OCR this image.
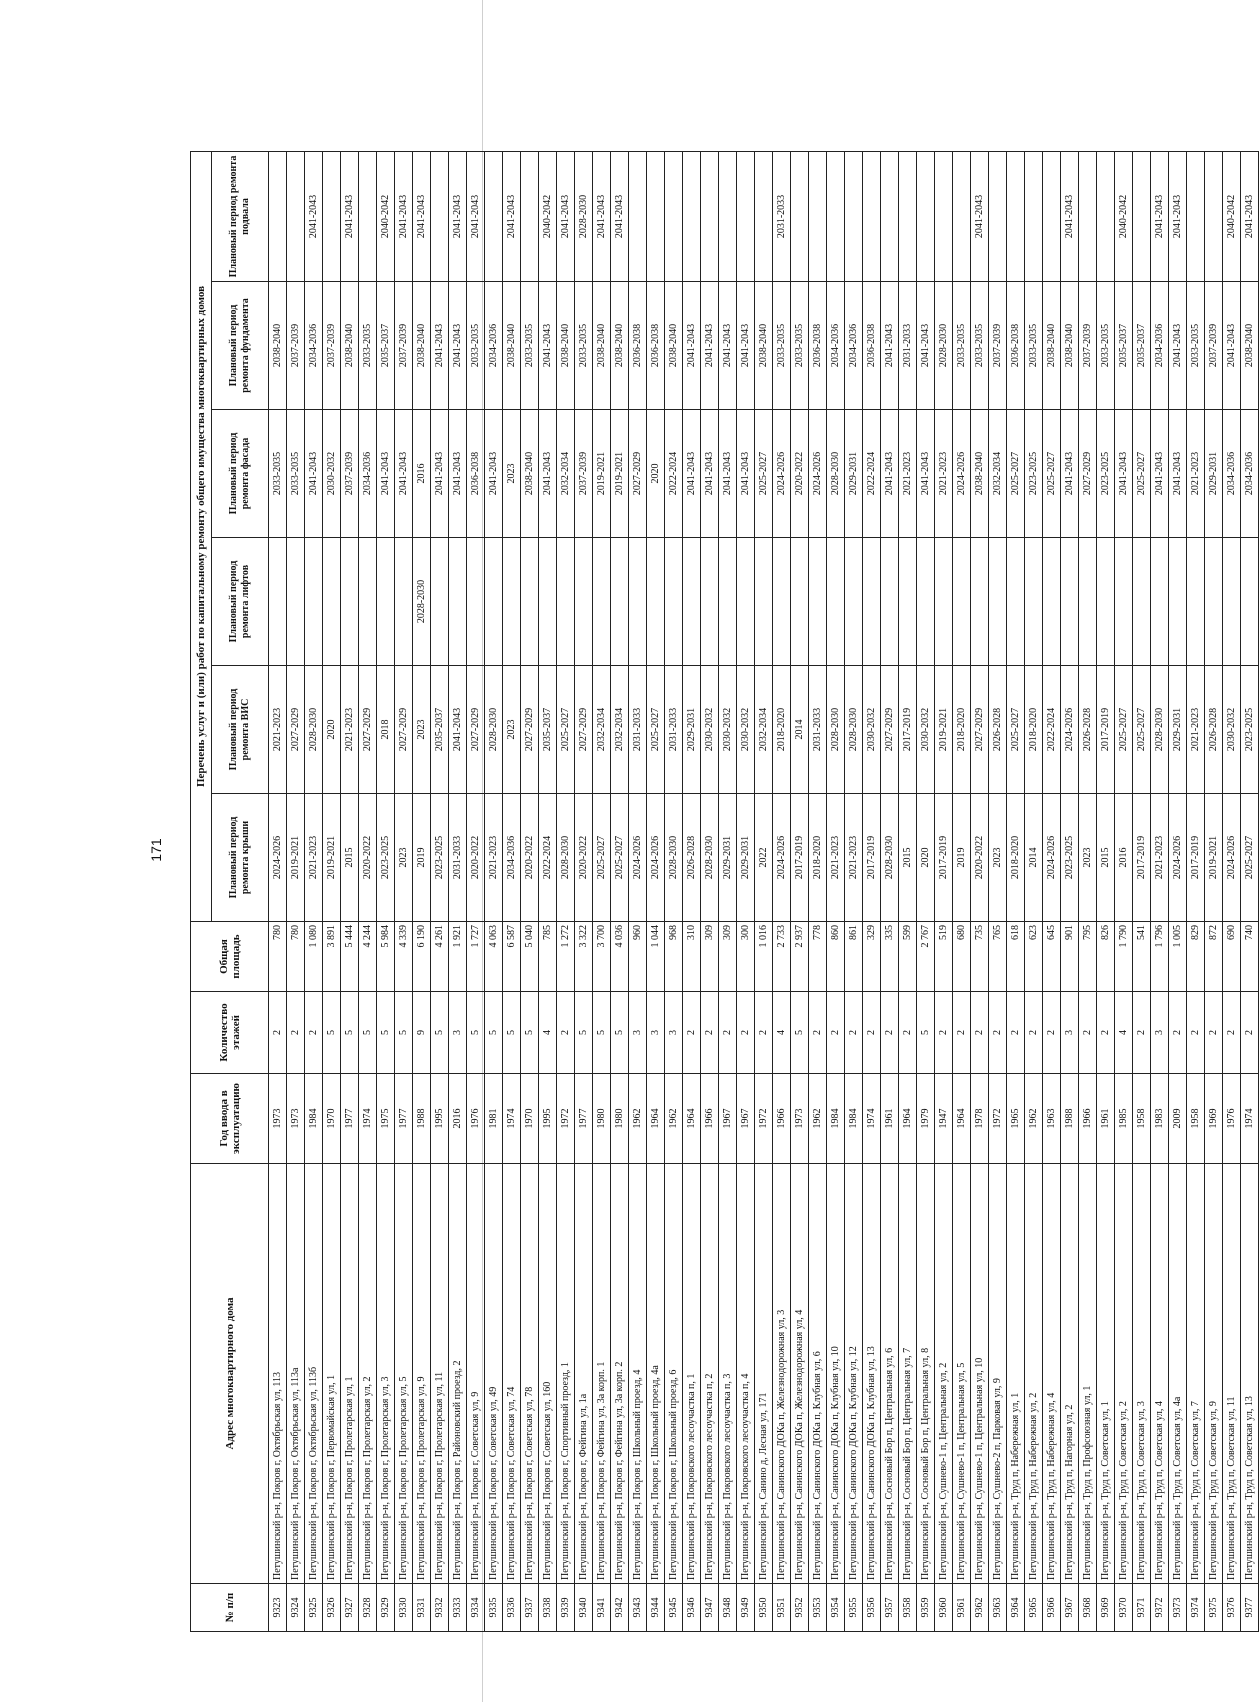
171
№ п/п	Адрес многоквартирного дома	Год ввода в эксплуатацию	Количество этажей	Общая площадь	Перечень услуг и (или) работ по капитальному ремонту общего имущества многоквартирных домов					
					Плановый период ремонта крыши	Плановый период ремонта ВИС	Плановый период ремонта лифтов	Плановый период ремонта фасада	Плановый период ремонта фундамента	Плановый период ремонта подвала
9323	Петушинский р-н, Покров г, Октябрьская ул, 113	1973	2	780	2024-2026	2021-2023		2033-2035	2038-2040	
9324	Петушинский р-н, Покров г, Октябрьская ул, 113а	1973	2	780	2019-2021	2027-2029		2033-2035	2037-2039	
9325	Петушинский р-н, Покров г, Октябрьская ул, 113б	1984	2	1 080	2021-2023	2028-2030		2041-2043	2034-2036	2041-2043
9326	Петушинский р-н, Покров г, Первомайская ул, 1	1970	5	3 891	2019-2021	2020		2030-2032	2037-2039	
9327	Петушинский р-н, Покров г, Пролетарская ул, 1	1977	5	5 444	2015	2021-2023		2037-2039	2038-2040	2041-2043
9328	Петушинский р-н, Покров г, Пролетарская ул, 2	1974	5	4 244	2020-2022	2027-2029		2034-2036	2033-2035	
9329	Петушинский р-н, Покров г, Пролетарская ул, 3	1975	5	5 984	2023-2025	2018		2041-2043	2035-2037	2040-2042
9330	Петушинский р-н, Покров г, Пролетарская ул, 5	1977	5	4 339	2023	2027-2029		2041-2043	2037-2039	2041-2043
9331	Петушинский р-н, Покров г, Пролетарская ул, 9	1988	9	6 190	2019	2023	2028-2030	2016	2038-2040	2041-2043
9332	Петушинский р-н, Покров г, Пролетарская ул, 11	1995	5	4 261	2023-2025	2035-2037		2041-2043	2041-2043	
9333	Петушинский р-н, Покров г, Районовский проезд, 2	2016	3	1 921	2031-2033	2041-2043		2041-2043	2041-2043	2041-2043
9334	Петушинский р-н, Покров г, Советская ул, 9	1976	5	1 727	2020-2022	2027-2029		2036-2038	2033-2035	2041-2043
9335	Петушинский р-н, Покров г, Советская ул, 49	1981	5	4 063	2021-2023	2028-2030		2041-2043	2034-2036	
9336	Петушинский р-н, Покров г, Советская ул, 74	1974	5	6 587	2034-2036	2023		2023	2038-2040	2041-2043
9337	Петушинский р-н, Покров г, Советская ул, 78	1970	5	5 040	2020-2022	2027-2029		2038-2040	2033-2035	
9338	Петушинский р-н, Покров г, Советская ул, 160	1995	4	785	2022-2024	2035-2037		2041-2043	2041-2043	2040-2042
9339	Петушинский р-н, Покров г, Спортивный проезд, 1	1972	2	1 272	2028-2030	2025-2027		2032-2034	2038-2040	2041-2043
9340	Петушинский р-н, Покров г, Фейгина ул, 1а	1977	5	3 322	2020-2022	2027-2029		2037-2039	2033-2035	2028-2030
9341	Петушинский р-н, Покров г, Фейгина ул, 3а корп. 1	1980	5	3 700	2025-2027	2032-2034		2019-2021	2038-2040	2041-2043
9342	Петушинский р-н, Покров г, Фейгина ул, 3а корп. 2	1980	5	4 036	2025-2027	2032-2034		2019-2021	2038-2040	2041-2043
9343	Петушинский р-н, Покров г, Школьный проезд, 4	1962	3	960	2024-2026	2031-2033		2027-2029	2036-2038	
9344	Петушинский р-н, Покров г, Школьный проезд, 4а	1964	3	1 044	2024-2026	2025-2027		2020	2036-2038	
9345	Петушинский р-н, Покров г, Школьный проезд, 6	1962	3	968	2028-2030	2031-2033		2022-2024	2038-2040	
9346	Петушинский р-н, Покровского лесоучастка п, 1	1964	2	310	2026-2028	2029-2031		2041-2043	2041-2043	
9347	Петушинский р-н, Покровского лесоучастка п, 2	1966	2	309	2028-2030	2030-2032		2041-2043	2041-2043	
9348	Петушинский р-н, Покровского лесоучастка п, 3	1967	2	309	2029-2031	2030-2032		2041-2043	2041-2043	
9349	Петушинский р-н, Покровского лесоучастка п, 4	1967	2	300	2029-2031	2030-2032		2041-2043	2041-2043	
9350	Петушинский р-н, Санино д, Лесная ул, 171	1972	2	1 016	2022	2032-2034		2025-2027	2038-2040	
9351	Петушинский р-н, Санинского ДОКа п, Железнодорожная ул, 3	1966	4	2 733	2024-2026	2018-2020		2024-2026	2033-2035	2031-2033
9352	Петушинский р-н, Санинского ДОКа п, Железнодорожная ул, 4	1973	5	2 937	2017-2019	2014		2020-2022	2033-2035	
9353	Петушинский р-н, Санинского ДОКа п, Клубная ул, 6	1962	2	778	2018-2020	2031-2033		2024-2026	2036-2038	
9354	Петушинский р-н, Санинского ДОКа п, Клубная ул, 10	1984	2	860	2021-2023	2028-2030		2028-2030	2034-2036	
9355	Петушинский р-н, Санинского ДОКа п, Клубная ул, 12	1984	2	861	2021-2023	2028-2030		2029-2031	2034-2036	
9356	Петушинский р-н, Санинского ДОКа п, Клубная ул, 13	1974	2	329	2017-2019	2030-2032		2022-2024	2036-2038	
9357	Петушинский р-н, Сосновый Бор п, Центральная ул, 6	1961	2	335	2028-2030	2027-2029		2041-2043	2041-2043	
9358	Петушинский р-н, Сосновый Бор п, Центральная ул, 7	1964	2	599	2015	2017-2019		2021-2023	2031-2033	
9359	Петушинский р-н, Сосновый Бор п, Центральная ул, 8	1979	5	2 767	2020	2030-2032		2041-2043	2041-2043	
9360	Петушинский р-н, Сушнево-1 п, Центральная ул, 2	1947	2	519	2017-2019	2019-2021		2021-2023	2028-2030	
9361	Петушинский р-н, Сушнево-1 п, Центральная ул, 5	1964	2	680	2019	2018-2020		2024-2026	2033-2035	
9362	Петушинский р-н, Сушнево-1 п, Центральная ул, 10	1978	2	735	2020-2022	2027-2029		2038-2040	2033-2035	2041-2043
9363	Петушинский р-н, Сушнево-2 п, Парковая ул, 9	1972	2	765	2023	2026-2028		2032-2034	2037-2039	
9364	Петушинский р-н, Труд п, Набережная ул, 1	1965	2	618	2018-2020	2025-2027		2025-2027	2036-2038	
9365	Петушинский р-н, Труд п, Набережная ул, 2	1962	2	623	2014	2018-2020		2023-2025	2033-2035	
9366	Петушинский р-н, Труд п, Набережная ул, 4	1963	2	645	2024-2026	2022-2024		2025-2027	2038-2040	
9367	Петушинский р-н, Труд п, Нагорная ул, 2	1988	3	901	2023-2025	2024-2026		2041-2043	2038-2040	2041-2043
9368	Петушинский р-н, Труд п, Профсоюзная ул, 1	1966	2	795	2023	2026-2028		2027-2029	2037-2039	
9369	Петушинский р-н, Труд п, Советская ул, 1	1961	2	826	2015	2017-2019		2023-2025	2033-2035	
9370	Петушинский р-н, Труд п, Советская ул, 2	1985	4	1 790	2016	2025-2027		2041-2043	2035-2037	2040-2042
9371	Петушинский р-н, Труд п, Советская ул, 3	1958	2	541	2017-2019	2025-2027		2025-2027	2035-2037	
9372	Петушинский р-н, Труд п, Советская ул, 4	1983	3	1 796	2021-2023	2028-2030		2041-2043	2034-2036	2041-2043
9373	Петушинский р-н, Труд п, Советская ул, 4а	2009	2	1 005	2024-2026	2029-2031		2041-2043	2041-2043	2041-2043
9374	Петушинский р-н, Труд п, Советская ул, 7	1958	2	829	2017-2019	2021-2023		2021-2023	2033-2035	
9375	Петушинский р-н, Труд п, Советская ул, 9	1969	2	872	2019-2021	2026-2028		2029-2031	2037-2039	
9376	Петушинский р-н, Труд п, Советская ул, 11	1976	2	690	2024-2026	2030-2032		2034-2036	2041-2043	2040-2042
9377	Петушинский р-н, Труд п, Советская ул, 13	1974	2	740	2025-2027	2023-2025		2034-2036	2038-2040	2041-2043
